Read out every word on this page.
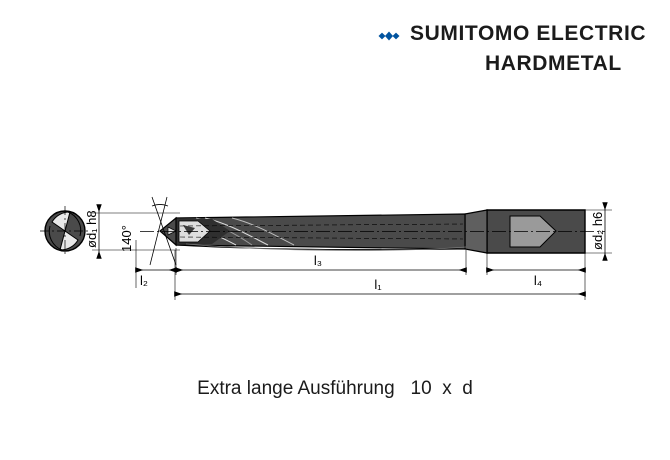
SUMITOMO ELECTRIC
HARDMETAL
ød₁ h8 140°	ød₂ h6
l₂
l₃
l₄
l₁
Extra lange Ausführung   10  x  d
